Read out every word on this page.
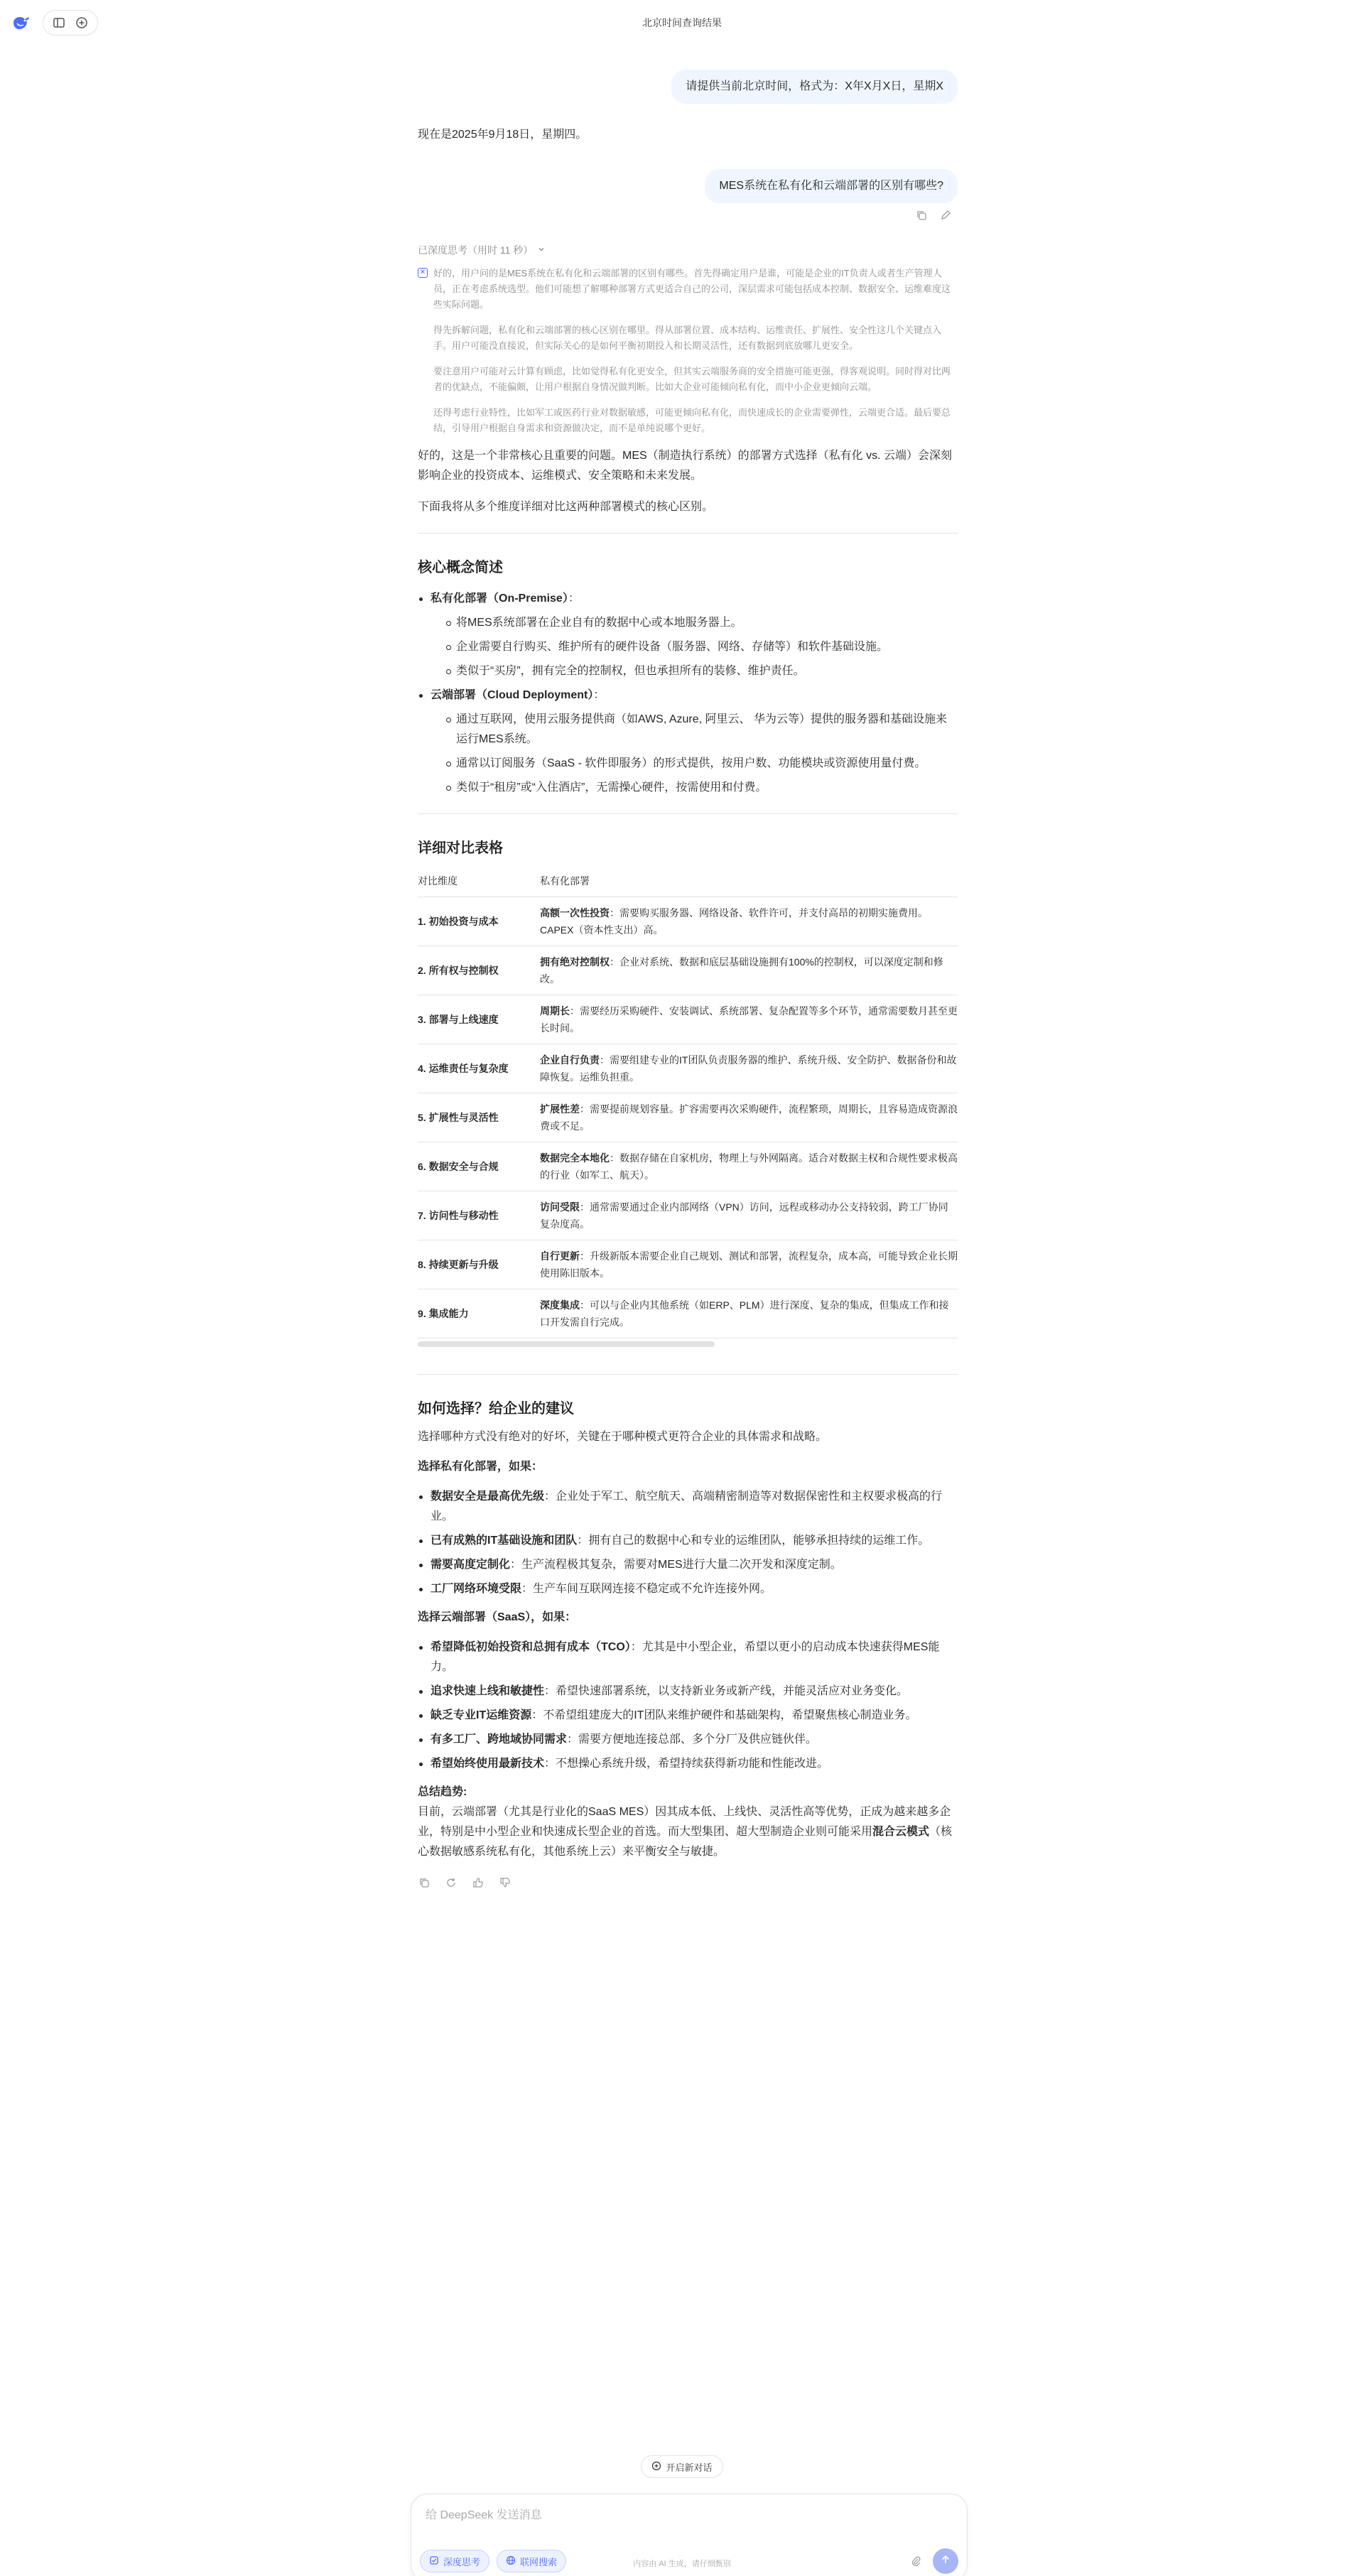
北京时间查询结果
请提供当前北京时间，格式为：X年X月X日，星期X

现在是2025年9月18日，星期四。

MES系统在私有化和云端部署的区别有哪些?
已深度思考（用时 11 秒）
✕ 好的，用户问的是MES系统在私有化和云端部署的区别有哪些。首先得确定用户是谁，可能是企业的IT负责人或者生产管理人员，正在考虑系统选型。他们可能想了解哪种部署方式更适合自己的公司，深层需求可能包括成本控制、数据安全、运维难度这些实际问题。

得先拆解问题，私有化和云端部署的核心区别在哪里。得从部署位置、成本结构、运维责任、扩展性、安全性这几个关键点入手。用户可能没直接说，但实际关心的是如何平衡初期投入和长期灵活性，还有数据到底放哪儿更安全。

要注意用户可能对云计算有顾虑，比如觉得私有化更安全，但其实云端服务商的安全措施可能更强，得客观说明。同时得对比两者的优缺点，不能偏颇，让用户根据自身情况做判断。比如大企业可能倾向私有化，而中小企业更倾向云端。

还得考虑行业特性，比如军工或医药行业对数据敏感，可能更倾向私有化，而快速成长的企业需要弹性，云端更合适。最后要总结，引导用户根据自身需求和资源做决定，而不是单纯说哪个更好。

好的，这是一个非常核心且重要的问题。MES（制造执行系统）的部署方式选择（私有化 vs. 云端）会深刻影响企业的投资成本、运维模式、安全策略和未来发展。

下面我将从多个维度详细对比这两种部署模式的核心区别。

核心概念简述
私有化部署（On-Premise）：
将MES系统部署在企业自有的数据中心或本地服务器上。
企业需要自行购买、维护所有的硬件设备（服务器、网络、存储等）和软件基础设施。
类似于“买房”，拥有完全的控制权，但也承担所有的装修、维护责任。
云端部署（Cloud Deployment）：
通过互联网，使用云服务提供商（如AWS, Azure, 阿里云、 华为云等）提供的服务器和基础设施来运行MES系统。
通常以订阅服务（SaaS - 软件即服务）的形式提供，按用户数、功能模块或资源使用量付费。
类似于“租房”或“入住酒店”，无需操心硬件，按需使用和付费。
详细对比表格
对比维度	私有化部署
1. 初始投资与成本	高额一次性投资：需要购买服务器、网络设备、软件许可，并支付高昂的初期实施费用。CAPEX（资本性支出）高。
2. 所有权与控制权	拥有绝对控制权：企业对系统、数据和底层基础设施拥有100%的控制权，可以深度定制和修改。
3. 部署与上线速度	周期长：需要经历采购硬件、安装调试、系统部署、复杂配置等多个环节，通常需要数月甚至更长时间。
4. 运维责任与复杂度	企业自行负责：需要组建专业的IT团队负责服务器的维护、系统升级、安全防护、数据备份和故障恢复。运维负担重。
5. 扩展性与灵活性	扩展性差：需要提前规划容量。扩容需要再次采购硬件，流程繁琐，周期长，且容易造成资源浪费或不足。
6. 数据安全与合规	数据完全本地化：数据存储在自家机房，物理上与外网隔离。适合对数据主权和合规性要求极高的行业（如军工、航天）。
7. 访问性与移动性	访问受限：通常需要通过企业内部网络（VPN）访问，远程或移动办公支持较弱，跨工厂协同复杂度高。
8. 持续更新与升级	自行更新：升级新版本需要企业自己规划、测试和部署，流程复杂，成本高，可能导致企业长期使用陈旧版本。
9. 集成能力	深度集成：可以与企业内其他系统（如ERP、PLM）进行深度、复杂的集成，但集成工作和接口开发需自行完成。
如何选择？给企业的建议

选择哪种方式没有绝对的好坏，关键在于哪种模式更符合企业的具体需求和战略。

选择私有化部署，如果：

数据安全是最高优先级：企业处于军工、航空航天、高端精密制造等对数据保密性和主权要求极高的行业。
已有成熟的IT基础设施和团队：拥有自己的数据中心和专业的运维团队，能够承担持续的运维工作。
需要高度定制化：生产流程极其复杂，需要对MES进行大量二次开发和深度定制。
工厂网络环境受限：生产车间互联网连接不稳定或不允许连接外网。

选择云端部署（SaaS），如果：

希望降低初始投资和总拥有成本（TCO）：尤其是中小型企业，希望以更小的启动成本快速获得MES能力。
追求快速上线和敏捷性：希望快速部署系统，以支持新业务或新产线，并能灵活应对业务变化。
缺乏专业IT运维资源：不希望组建庞大的IT团队来维护硬件和基础架构，希望聚焦核心制造业务。
有多工厂、跨地域协同需求：需要方便地连接总部、多个分厂及供应链伙伴。
希望始终使用最新技术：不想操心系统升级，希望持续获得新功能和性能改进。

总结趋势:

目前，云端部署（尤其是行业化的SaaS MES）因其成本低、上线快、灵活性高等优势，正成为越来越多企业，特别是中小型企业和快速成长型企业的首选。而大型集团、超大型制造企业则可能采用混合云模式（核心数据敏感系统私有化，其他系统上云）来平衡安全与敏捷。

开启新对话
给 DeepSeek 发送消息
深度思考	联网搜索	内容由 AI 生成，请仔细甄别
